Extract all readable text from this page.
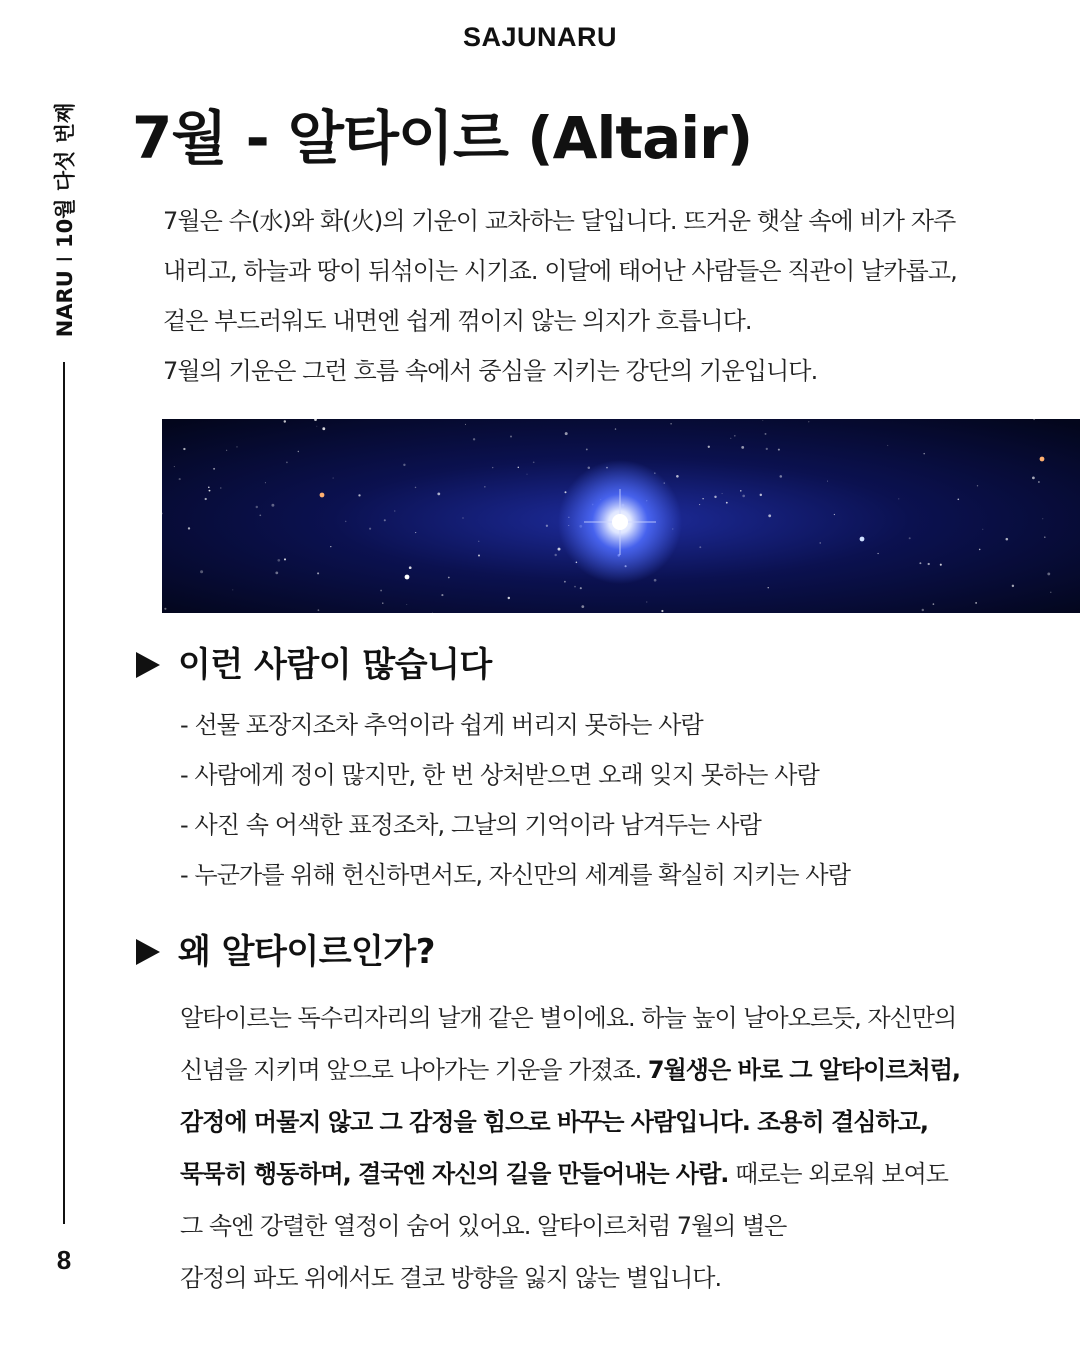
SAJUNARU
NARUI10월 다섯 번째
8
7월 - 알타이르 (Altair)

7월은 수(水)와 화(火)의 기운이 교차하는 달입니다. 뜨거운 햇살 속에 비가 자주

내리고, 하늘과 땅이 뒤섞이는 시기죠. 이달에 태어난 사람들은 직관이 날카롭고,

겉은 부드러워도 내면엔 쉽게 꺾이지 않는 의지가 흐릅니다.

7월의 기운은 그런 흐름 속에서 중심을 지키는 강단의 기운입니다.

이런 사람이 많습니다
- 선물 포장지조차 추억이라 쉽게 버리지 못하는 사람
- 사람에게 정이 많지만, 한 번 상처받으면 오래 잊지 못하는 사람
- 사진 속 어색한 표정조차, 그날의 기억이라 남겨두는 사람
- 누군가를 위해 헌신하면서도, 자신만의 세계를 확실히 지키는 사람
왜 알타이르인가?
알타이르는 독수리자리의 날개 같은 별이에요. 하늘 높이 날아오르듯, 자신만의
신념을 지키며 앞으로 나아가는 기운을 가졌죠. 7월생은 바로 그 알타이르처럼,
감정에 머물지 않고 그 감정을 힘으로 바꾸는 사람입니다. 조용히 결심하고,
묵묵히 행동하며, 결국엔 자신의 길을 만들어내는 사람. 때로는 외로워 보여도
그 속엔 강렬한 열정이 숨어 있어요. 알타이르처럼 7월의 별은
감정의 파도 위에서도 결코 방향을 잃지 않는 별입니다.
